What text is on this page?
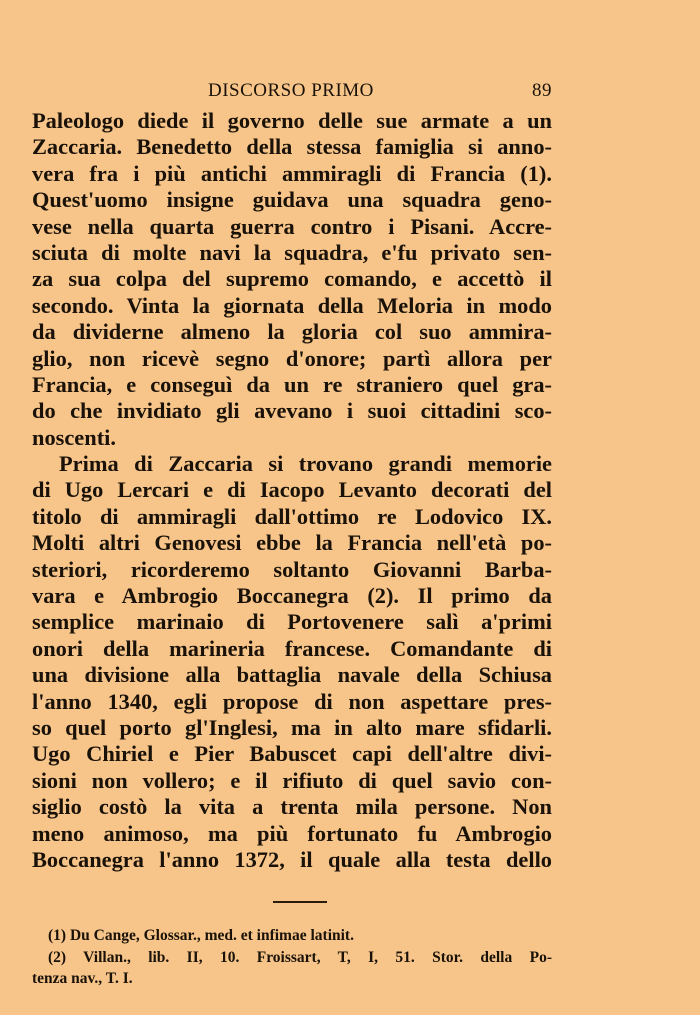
DISCORSO PRIMO	89
Paleologo diede il governo delle sue armate a un
Zaccaria. Benedetto della stessa famiglia si anno-
vera fra i più antichi ammiragli di Francia (1).
Quest'uomo insigne guidava una squadra geno-
vese nella quarta guerra contro i Pisani. Accre-
sciuta di molte navi la squadra, e'fu privato sen-
za sua colpa del supremo comando, e accettò il
secondo. Vinta la giornata della Meloria in modo
da dividerne almeno la gloria col suo ammira-
glio, non ricevè segno d'onore; partì allora per
Francia, e conseguì da un re straniero quel gra-
do che invidiato gli avevano i suoi cittadini sco-
noscenti.
Prima di Zaccaria si trovano grandi memorie
di Ugo Lercari e di Iacopo Levanto decorati del
titolo di ammiragli dall'ottimo re Lodovico IX.
Molti altri Genovesi ebbe la Francia nell'età po-
steriori, ricorderemo soltanto Giovanni Barba-
vara e Ambrogio Boccanegra (2). Il primo da
semplice marinaio di Portovenere salì a'primi
onori della marineria francese. Comandante di
una divisione alla battaglia navale della Schiusa
l'anno 1340, egli propose di non aspettare pres-
so quel porto gl'Inglesi, ma in alto mare sfidarli.
Ugo Chiriel e Pier Babuscet capi dell'altre divi-
sioni non vollero; e il rifiuto di quel savio con-
siglio costò la vita a trenta mila persone. Non
meno animoso, ma più fortunato fu Ambrogio
Boccanegra l'anno 1372, il quale alla testa dello
(1) Du Cange, Glossar., med. et infimae latinit.
(2) Villan., lib. II, 10. Froissart, T, I, 51. Stor. della Po-
tenza nav., T. I.
